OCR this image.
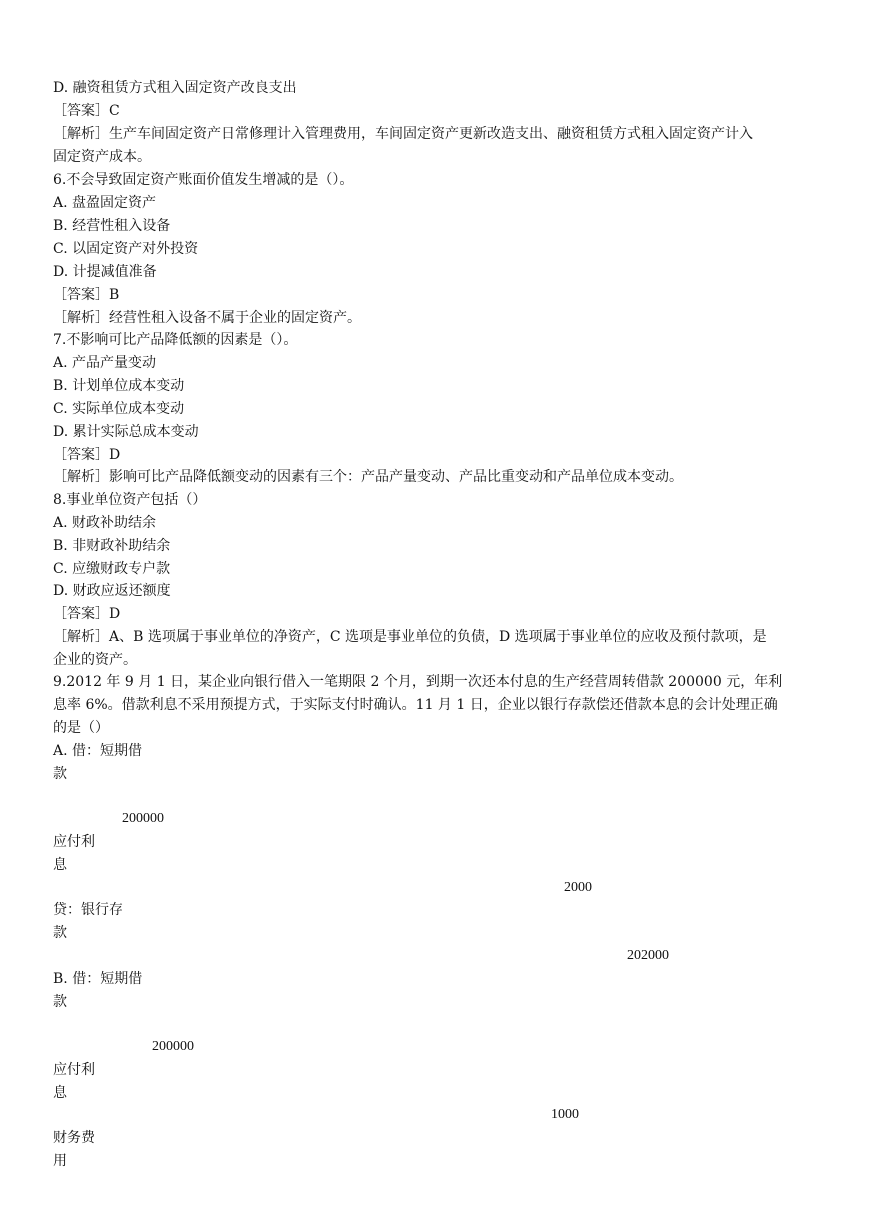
D. 融资租赁方式租入固定资产改良支出

［答案］C

［解析］生产车间固定资产日常修理计入管理费用，车间固定资产更新改造支出、融资租赁方式租入固定资产计入

固定资产成本。

6.不会导致固定资产账面价值发生增减的是（）。

A. 盘盈固定资产

B. 经营性租入设备

C. 以固定资产对外投资

D. 计提减值准备

［答案］B

［解析］经营性租入设备不属于企业的固定资产。

7.不影响可比产品降低额的因素是（）。

A. 产品产量变动

B. 计划单位成本变动

C. 实际单位成本变动

D. 累计实际总成本变动

［答案］D

［解析］影响可比产品降低额变动的因素有三个：产品产量变动、产品比重变动和产品单位成本变动。

8.事业单位资产包括（）

A. 财政补助结余

B. 非财政补助结余

C. 应缴财政专户款

D. 财政应返还额度

［答案］D

［解析］A、B 选项属于事业单位的净资产，C 选项是事业单位的负债，D 选项属于事业单位的应收及预付款项，是

企业的资产。

9.2012 年 9 月 1 日，某企业向银行借入一笔期限 2 个月，到期一次还本付息的生产经营周转借款 200000 元，年利

息率 6%。借款利息不采用预提方式，于实际支付时确认。11 月 1 日，企业以银行存款偿还借款本息的会计处理正确

的是（）

A. 借：短期借

款

200000

应付利

息

2000

贷：银行存

款

202000

B. 借：短期借

款

200000

应付利

息

1000

财务费

用
